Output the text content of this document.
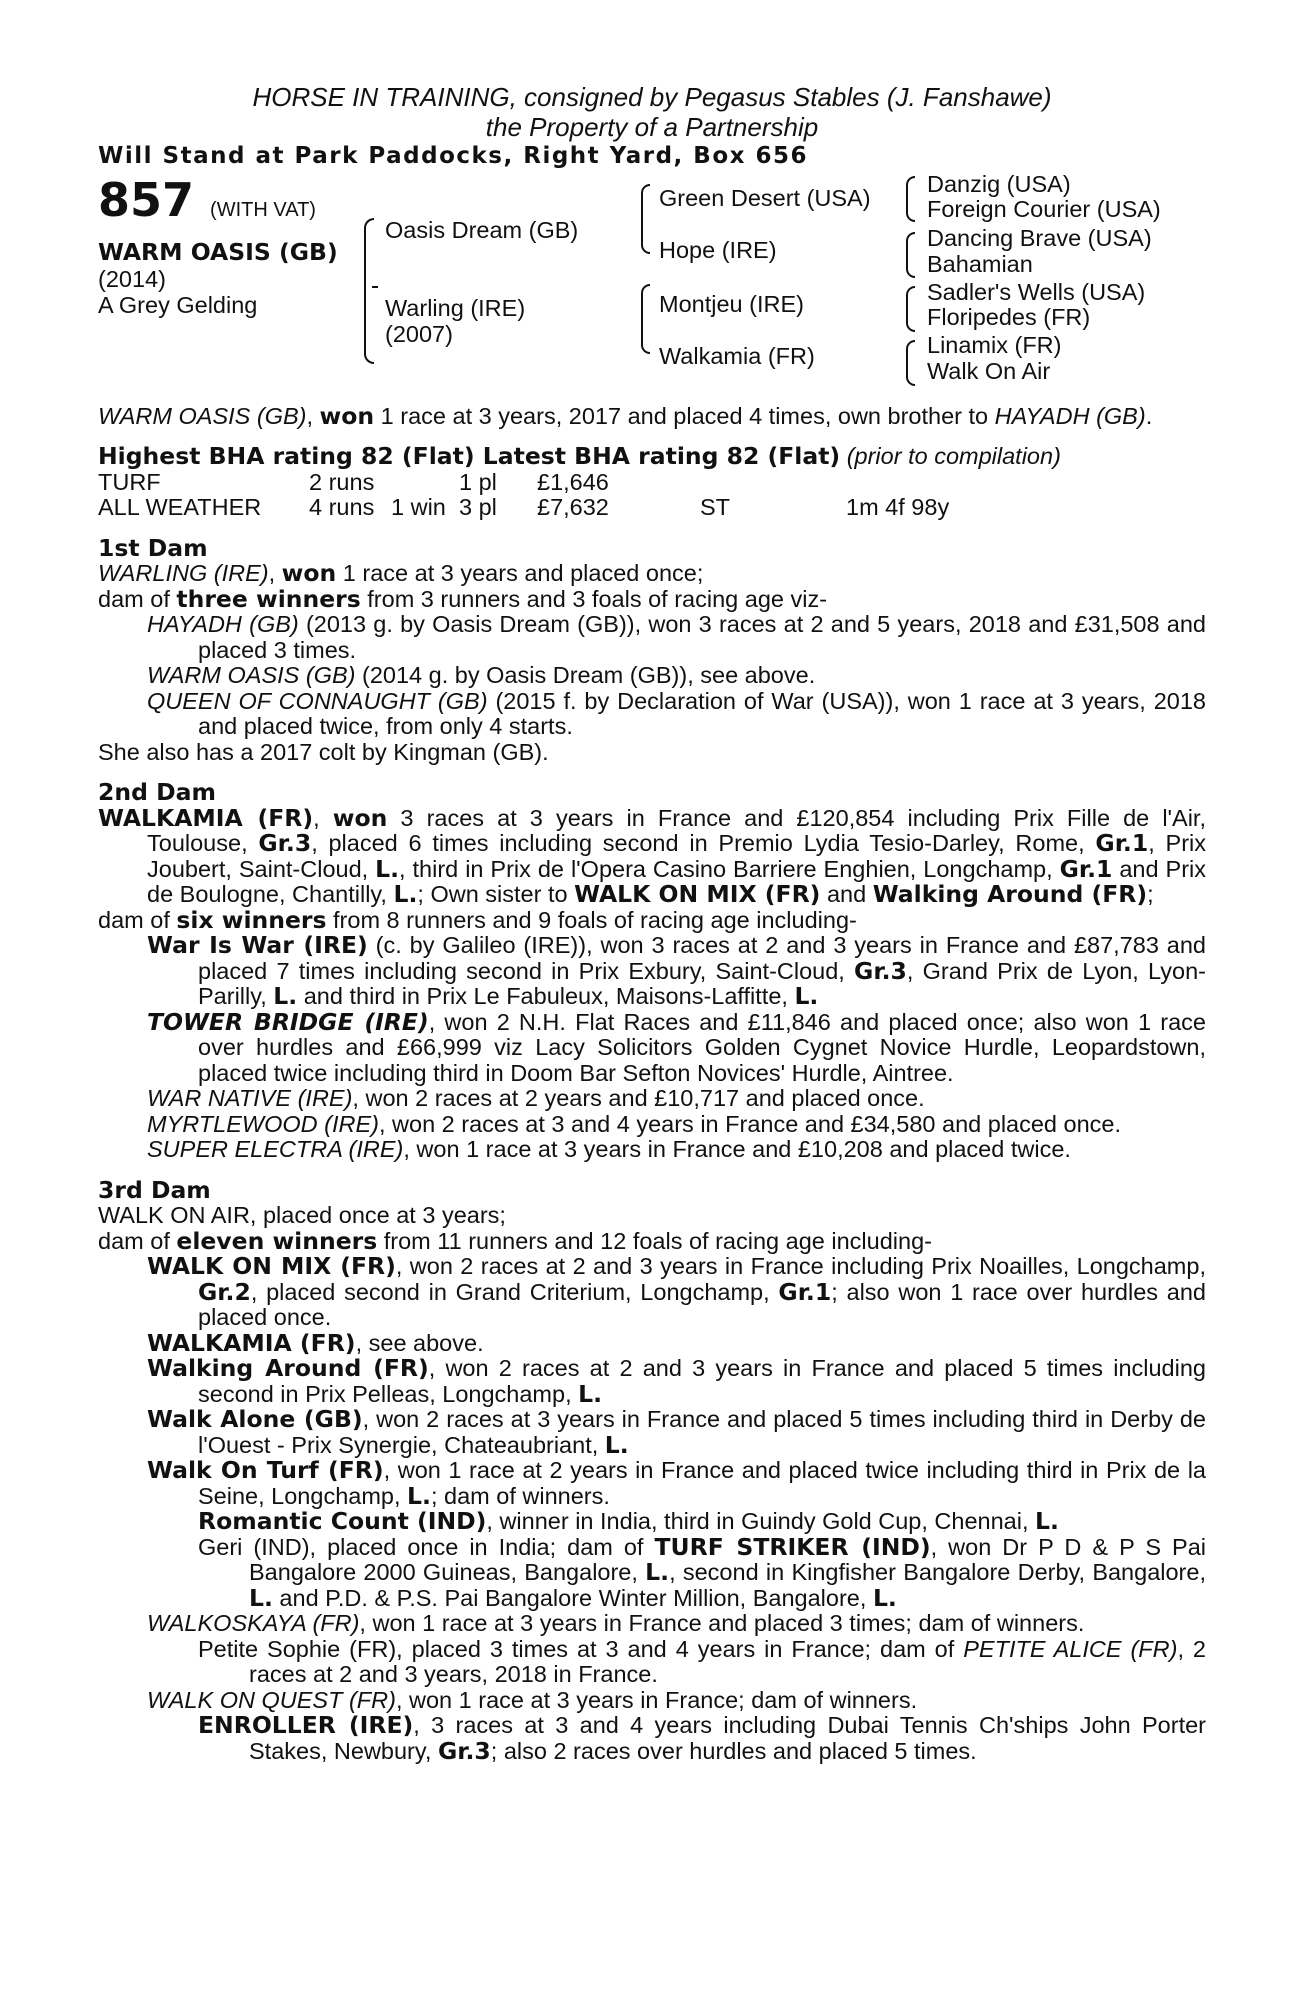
HORSE IN TRAINING, consigned by Pegasus Stables (J. Fanshawe)
the Property of a Partnership
Will Stand at Park Paddocks, Right Yard, Box 656
857 (WITH VAT)
WARM OASIS (GB)
(2014)
A Grey Gelding
Oasis Dream (GB)
Warling (IRE)
(2007)
Green Desert (USA)
Hope (IRE)
Montjeu (IRE)
Walkamia (FR)
Danzig (USA)
Foreign Courier (USA)
Dancing Brave (USA)
Bahamian
Sadler's Wells (USA)
Floripedes (FR)
Linamix (FR)
Walk On Air

WARM OASIS (GB), won 1 race at 3 years, 2017 and placed 4 times, own brother to HAYADH (GB).

Highest BHA rating 82 (Flat) Latest BHA rating 82 (Flat) (prior to compilation)
TURF	2 runs		1 pl	£1,646		
ALL WEATHER	4 runs	1 win	3 pl	£7,632	ST	1m 4f 98y
1st Dam

WARLING (IRE), won 1 race at 3 years and placed once;

dam of three winners from 3 runners and 3 foals of racing age viz-

HAYADH (GB) (2013 g. by Oasis Dream (GB)), won 3 races at 2 and 5 years, 2018 and £31,508 and placed 3 times.

WARM OASIS (GB) (2014 g. by Oasis Dream (GB)), see above.

QUEEN OF CONNAUGHT (GB) (2015 f. by Declaration of War (USA)), won 1 race at 3 years, 2018 and placed twice, from only 4 starts.

She also has a 2017 colt by Kingman (GB).

2nd Dam

WALKAMIA (FR), won 3 races at 3 years in France and £120,854 including Prix Fille de l'Air, Toulouse, Gr.3, placed 6 times including second in Premio Lydia Tesio-Darley, Rome, Gr.1, Prix Joubert, Saint-Cloud, L., third in Prix de l'Opera Casino Barriere Enghien, Longchamp, Gr.1 and Prix de Boulogne, Chantilly, L.; Own sister to WALK ON MIX (FR) and Walking Around (FR);

dam of six winners from 8 runners and 9 foals of racing age including-

War Is War (IRE) (c. by Galileo (IRE)), won 3 races at 2 and 3 years in France and £87,783 and placed 7 times including second in Prix Exbury, Saint-Cloud, Gr.3, Grand Prix de Lyon, Lyon-Parilly, L. and third in Prix Le Fabuleux, Maisons-Laffitte, L.

TOWER BRIDGE (IRE), won 2 N.H. Flat Races and £11,846 and placed once; also won 1 race over hurdles and £66,999 viz Lacy Solicitors Golden Cygnet Novice Hurdle, Leopardstown, placed twice including third in Doom Bar Sefton Novices' Hurdle, Aintree.

WAR NATIVE (IRE), won 2 races at 2 years and £10,717 and placed once.

MYRTLEWOOD (IRE), won 2 races at 3 and 4 years in France and £34,580 and placed once.

SUPER ELECTRA (IRE), won 1 race at 3 years in France and £10,208 and placed twice.

3rd Dam

WALK ON AIR, placed once at 3 years;

dam of eleven winners from 11 runners and 12 foals of racing age including-

WALK ON MIX (FR), won 2 races at 2 and 3 years in France including Prix Noailles, Longchamp, Gr.2, placed second in Grand Criterium, Longchamp, Gr.1; also won 1 race over hurdles and placed once.

WALKAMIA (FR), see above.

Walking Around (FR), won 2 races at 2 and 3 years in France and placed 5 times including second in Prix Pelleas, Longchamp, L.

Walk Alone (GB), won 2 races at 3 years in France and placed 5 times including third in Derby de l'Ouest - Prix Synergie, Chateaubriant, L.

Walk On Turf (FR), won 1 race at 2 years in France and placed twice including third in Prix de la Seine, Longchamp, L.; dam of winners.

Romantic Count (IND), winner in India, third in Guindy Gold Cup, Chennai, L.

Geri (IND), placed once in India; dam of TURF STRIKER (IND), won Dr P D & P S Pai Bangalore 2000 Guineas, Bangalore, L., second in Kingfisher Bangalore Derby, Bangalore, L. and P.D. & P.S. Pai Bangalore Winter Million, Bangalore, L.

WALKOSKAYA (FR), won 1 race at 3 years in France and placed 3 times; dam of winners.

Petite Sophie (FR), placed 3 times at 3 and 4 years in France; dam of PETITE ALICE (FR), 2 races at 2 and 3 years, 2018 in France.

WALK ON QUEST (FR), won 1 race at 3 years in France; dam of winners.

ENROLLER (IRE), 3 races at 3 and 4 years including Dubai Tennis Ch'ships John Porter Stakes, Newbury, Gr.3; also 2 races over hurdles and placed 5 times.
